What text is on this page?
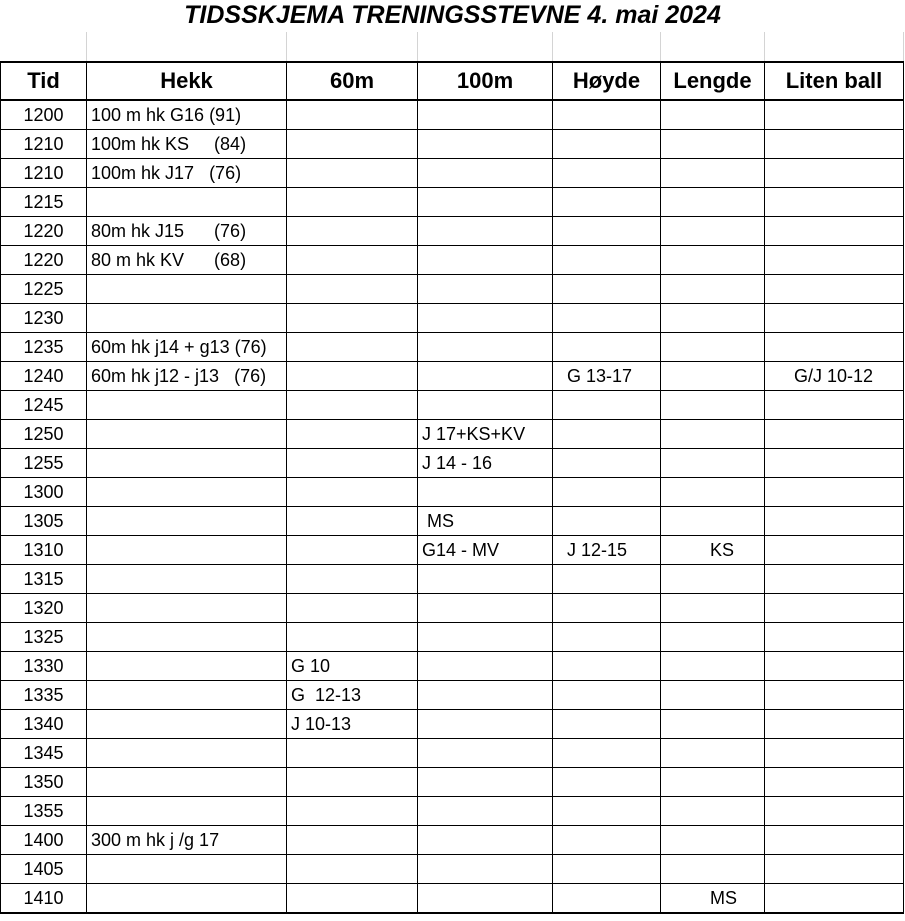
TIDSSKJEMA TRENINGSSTEVNE 4. mai 2024

Tid	Hekk	60m	100m	Høyde	Lengde	Liten ball
1200	100 m hk G16 (91)					
1210	100m hk KS     (84)					
1210	100m hk J17   (76)					
1215						
1220	80m hk J15      (76)					
1220	80 m hk KV      (68)					
1225						
1230						
1235	60m hk j14 + g13 (76)					
1240	60m hk j12 - j13   (76)			G 13-17		G/J 10-12
1245						
1250			J 17+KS+KV			
1255			J 14 - 16			
1300						
1305			MS			
1310			G14 - MV	J 12-15	KS	
1315						
1320						
1325						
1330		G 10				
1335		G  12-13				
1340		J 10-13				
1345						
1350						
1355						
1400	300 m hk j /g 17					
1405						
1410					MS	
